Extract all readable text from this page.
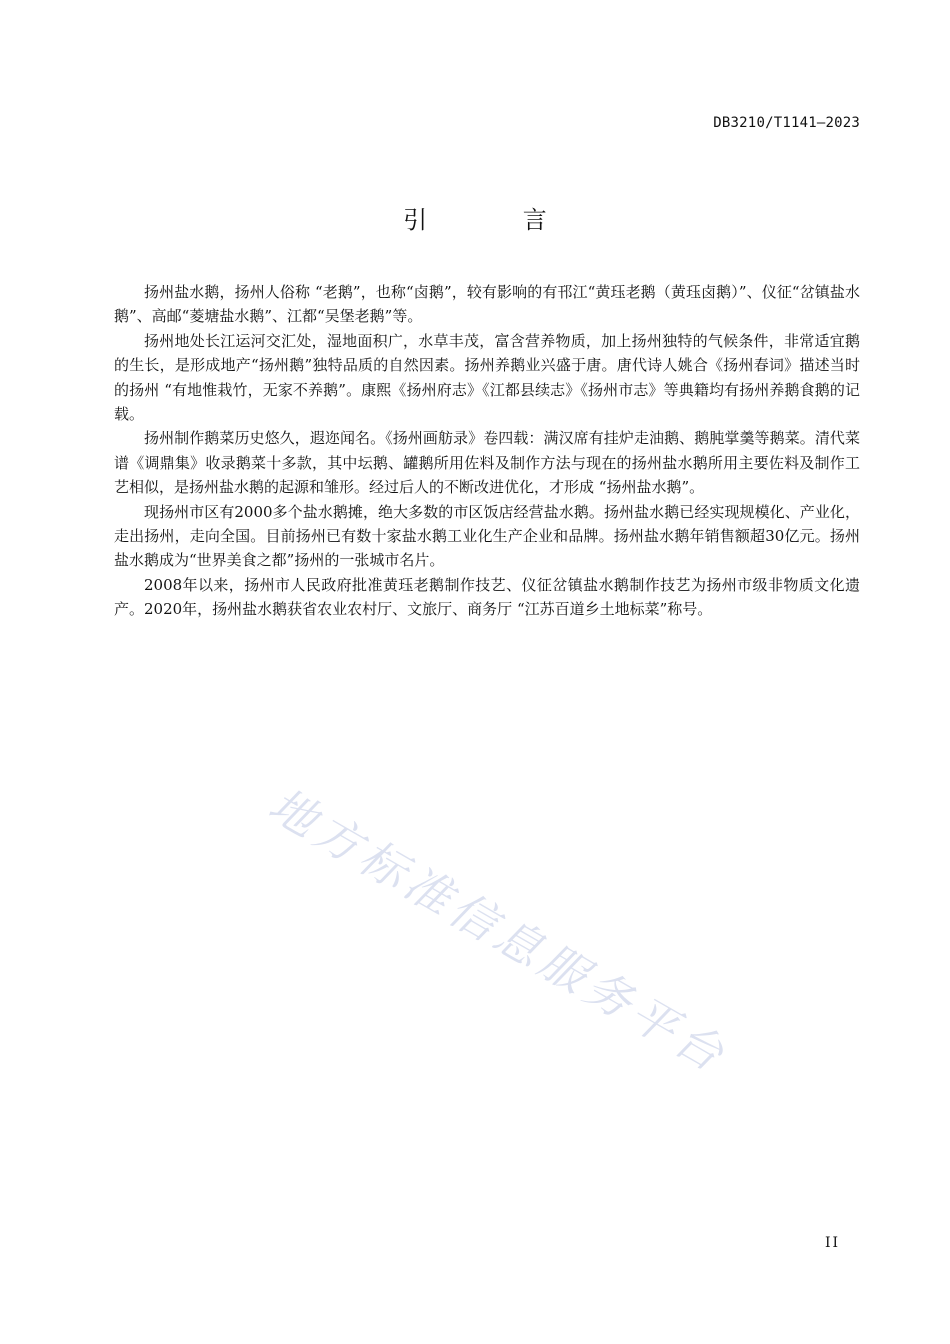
DB3210/T1141—2023
引 言

扬州盐水鹅，扬州人俗称 “老鹅”，也称“卤鹅”，较有影响的有邗江“黄珏老鹅（黄珏卤鹅）”、仪征“岔镇盐水鹅”、高邮“菱塘盐水鹅”、江都“吴堡老鹅”等。

扬州地处长江运河交汇处，湿地面积广，水草丰茂，富含营养物质，加上扬州独特的气候条件，非常适宜鹅的生长，是形成地产“扬州鹅”独特品质的自然因素。扬州养鹅业兴盛于唐。唐代诗人姚合《扬州春词》描述当时的扬州 “有地惟栽竹，无家不养鹅”。康熙《扬州府志》《江都县续志》《扬州市志》等典籍均有扬州养鹅食鹅的记载。

扬州制作鹅菜历史悠久，遐迩闻名。《扬州画舫录》卷四载：满汉席有挂炉走油鹅、鹅肫掌羹等鹅菜。清代菜谱《调鼎集》收录鹅菜十多款，其中坛鹅、罐鹅所用佐料及制作方法与现在的扬州盐水鹅所用主要佐料及制作工艺相似，是扬州盐水鹅的起源和雏形。经过后人的不断改进优化，才形成 “扬州盐水鹅”。

现扬州市区有2000多个盐水鹅摊，绝大多数的市区饭店经营盐水鹅。扬州盐水鹅已经实现规模化、产业化，走出扬州，走向全国。目前扬州已有数十家盐水鹅工业化生产企业和品牌。扬州盐水鹅年销售额超30亿元。扬州盐水鹅成为“世界美食之都”扬州的一张城市名片。

2008年以来，扬州市人民政府批准黄珏老鹅制作技艺、仪征岔镇盐水鹅制作技艺为扬州市级非物质文化遗产。2020年，扬州盐水鹅获省农业农村厅、文旅厅、商务厅 “江苏百道乡土地标菜”称号。

地方标准信息服务平台
II
